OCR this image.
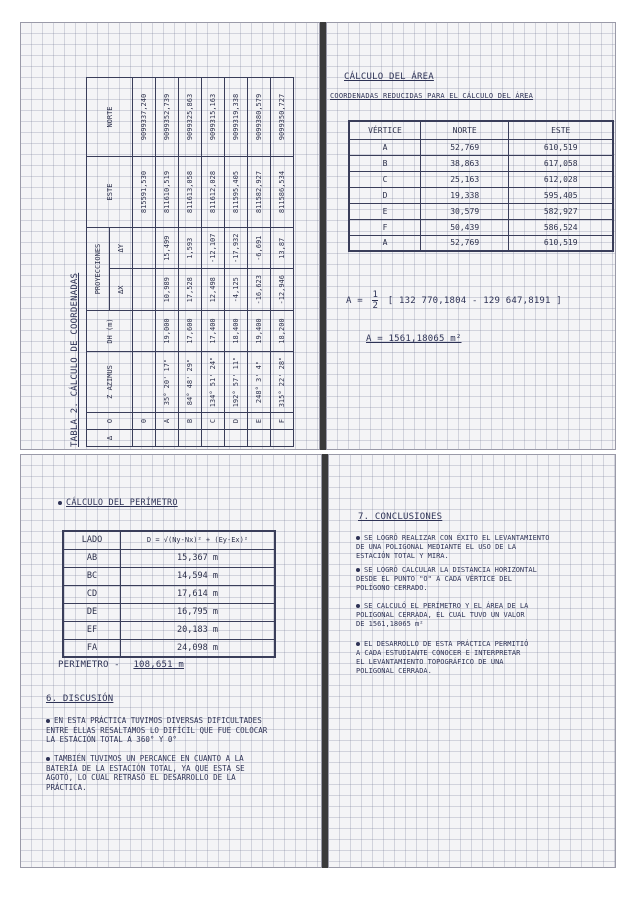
TABLA 2. CÁLCULO DE COORDENADAS	Δ	O	Z AZIMUS	DH (m)	PROYECCIONES		ESTE	NORTE
				ΔX	ΔY		
	0					815591,530	9099337,240
	A	35° 20' 17"	19,000	10,989	15,499	811610,519	9099352,739
	B	84° 48' 29"	17,600	17,528	1,593	811613,058	9099325,863
	C	134° 51' 24"	17,400	12,498	-12,107	811612,028	9099315,163
	D	192° 57' 11"	18,400	-4,125	-17,932	811595,405	9099319,338
	E	248° 3' 4"	19,400	-16,623	-6,691	811582,927	9099380,579
	F	315° 22' 28"	18,200	-12,946	13,87	811586,534	9099350,727
CÁLCULO DEL ÁREA
COORDENADAS REDUCIDAS PARA EL CÁLCULO DEL ÁREA
VÉRTICE	NORTE	ESTE
A	52,769	610,519
B	38,863	617,058
C	25,163	612,028
D	19,338	595,405
E	30,579	582,927
F	50,439	586,524
A	52,769	610,519
$A = \frac{1}{2}$ [ 132 770,1804 - 129 647,8191 ]
A = 1561,18065 m²
CÁLCULO DEL PERÍMETRO
LADO	D = √(Ny-Nx)² + (Ey-Ex)²
AB	15,367 m
BC	14,594 m
CD	17,614 m
DE	16,795 m
EF	20,183 m
FA	24,098 m
PERIMETRO - 108,651 m
6. DISCUSIÓN
EN ESTA PRÁCTICA TUVIMOS DIVERSAS DIFICULTADES
ENTRE ELLAS RESALTAMOS LO DIFÍCIL QUE FUE COLOCAR
LA ESTACIÓN TOTAL A 360° Y 0°
TAMBIÉN TUVIMOS UN PERCANCE EN CUANTO A LA
BATERÍA DE LA ESTACIÓN TOTAL, YA QUE ESTA SE
AGOTÓ, LO CUAL RETRASÓ EL DESARROLLO DE LA
PRÁCTICA.
7. CONCLUSIONES
SE LOGRÓ REALIZAR CON ÉXITO EL LEVANTAMIENTO
DE UNA POLIGONAL MEDIANTE EL USO DE LA
ESTACIÓN TOTAL Y MIRA.
SE LOGRÓ CALCULAR LA DISTANCIA HORIZONTAL
DESDE EL PUNTO "O" A CADA VÉRTICE DEL
POLÍGONO CERRADO.
SE CALCULÓ EL PERÍMETRO Y EL ÁREA DE LA
POLIGONAL CERRADA, EL CUAL TUVO UN VALOR
DE 1561,18065 m²
EL DESARROLLO DE ESTA PRÁCTICA PERMITIÓ
A CADA ESTUDIANTE CONOCER E INTERPRETAR
EL LEVANTAMIENTO TOPOGRÁFICO DE UNA
POLIGONAL CERRADA.
